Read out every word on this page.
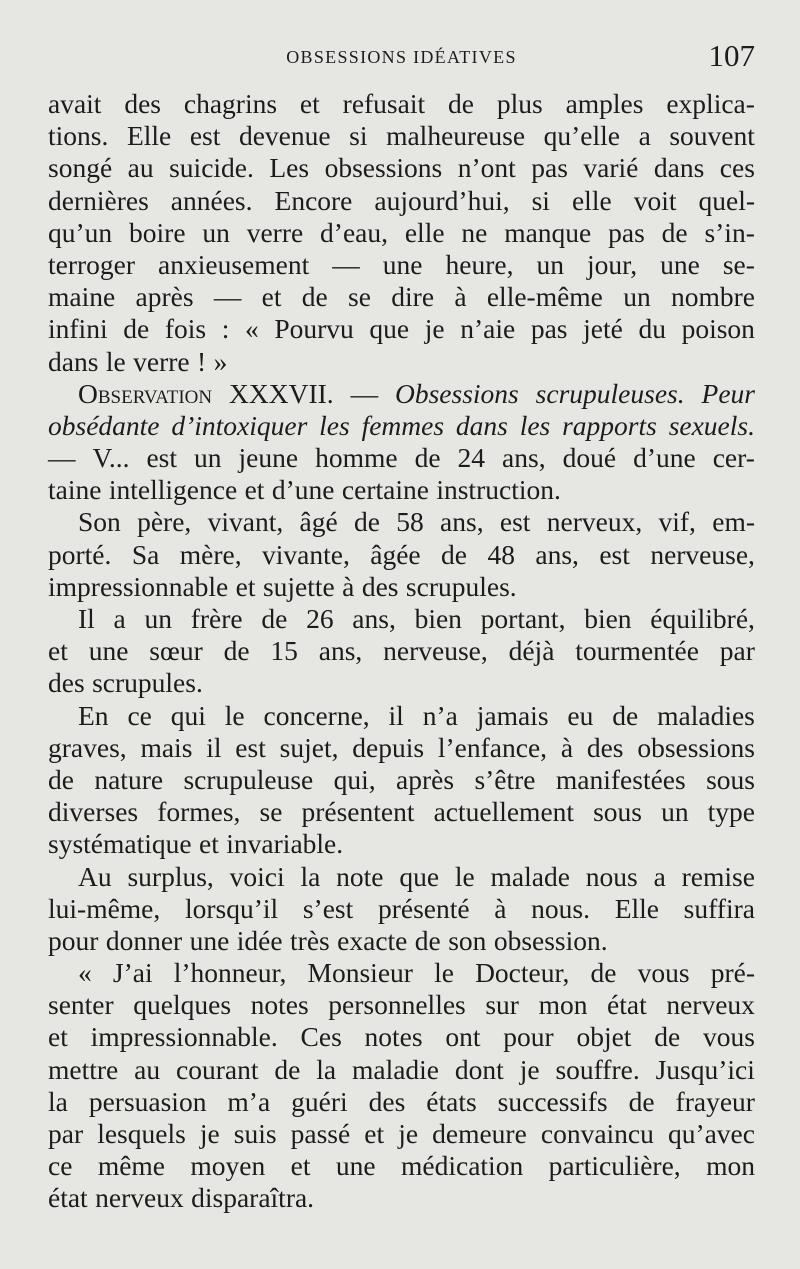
OBSESSIONS IDÉATIVES	107
avait des chagrins et refusait de plus amples explica-
tions. Elle est devenue si malheureuse qu’elle a souvent
songé au suicide. Les obsessions n’ont pas varié dans ces
dernières années. Encore aujourd’hui, si elle voit quel-
qu’un boire un verre d’eau, elle ne manque pas de s’in-
terroger anxieusement — une heure, un jour, une se-
maine après — et de se dire à elle-même un nombre
infini de fois : « Pourvu que je n’aie pas jeté du poison
dans le verre ! »
Observation XXXVII. — Obsessions scrupuleuses. Peur
obsédante d’intoxiquer les femmes dans les rapports sexuels.
— V... est un jeune homme de 24 ans, doué d’une cer-
taine intelligence et d’une certaine instruction.
Son père, vivant, âgé de 58 ans, est nerveux, vif, em-
porté. Sa mère, vivante, âgée de 48 ans, est nerveuse,
impressionnable et sujette à des scrupules.
Il a un frère de 26 ans, bien portant, bien équilibré,
et une sœur de 15 ans, nerveuse, déjà tourmentée par
des scrupules.
En ce qui le concerne, il n’a jamais eu de maladies
graves, mais il est sujet, depuis l’enfance, à des obsessions
de nature scrupuleuse qui, après s’être manifestées sous
diverses formes, se présentent actuellement sous un type
systématique et invariable.
Au surplus, voici la note que le malade nous a remise
lui-même, lorsqu’il s’est présenté à nous. Elle suffira
pour donner une idée très exacte de son obsession.
« J’ai l’honneur, Monsieur le Docteur, de vous pré-
senter quelques notes personnelles sur mon état nerveux
et impressionnable. Ces notes ont pour objet de vous
mettre au courant de la maladie dont je souffre. Jusqu’ici
la persuasion m’a guéri des états successifs de frayeur
par lesquels je suis passé et je demeure convaincu qu’avec
ce même moyen et une médication particulière, mon
état nerveux disparaîtra.
